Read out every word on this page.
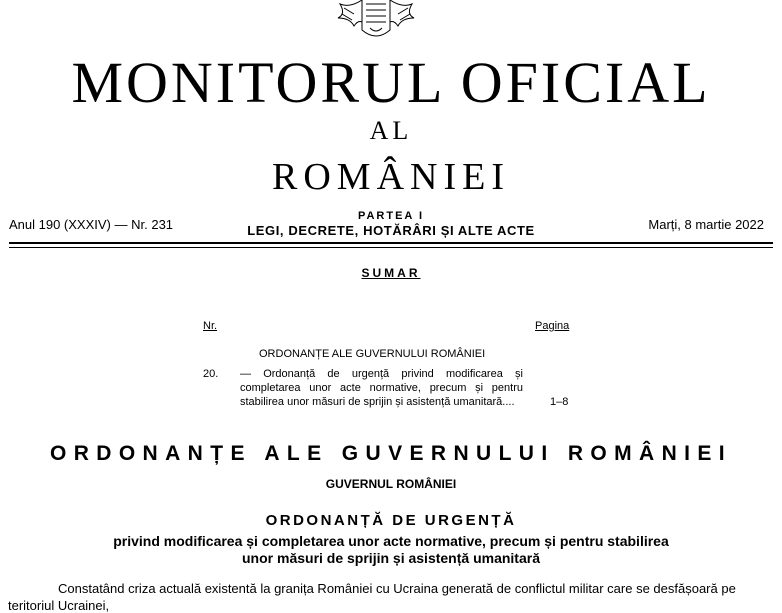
MONITORUL OFICIAL
AL
ROMÂNIEI
Anul 190 (XXXIV) — Nr. 231
PARTEA I
LEGI, DECRETE, HOTĂRÂRI ȘI ALTE ACTE	Marți, 8 martie 2022
SUMAR
Nr.	Pagina
ORDONANȚE ALE GUVERNULUI ROMÂNIEI
20. — Ordonanță de urgență privind modificarea și completarea unor acte normative, precum și pentru stabilirea unor măsuri de sprijin și asistență umanitară....	1–8
ORDONANȚE ALE GUVERNULUI ROMÂNIEI
GUVERNUL ROMÂNIEI
ORDONANȚĂ DE URGENȚĂ
privind modificarea și completarea unor acte normative, precum și pentru stabilirea
unor măsuri de sprijin și asistență umanitară
Constatând criza actuală existentă la granița României cu Ucraina generată de conflictul militar care se desfășoară pe
teritoriul Ucrainei,
